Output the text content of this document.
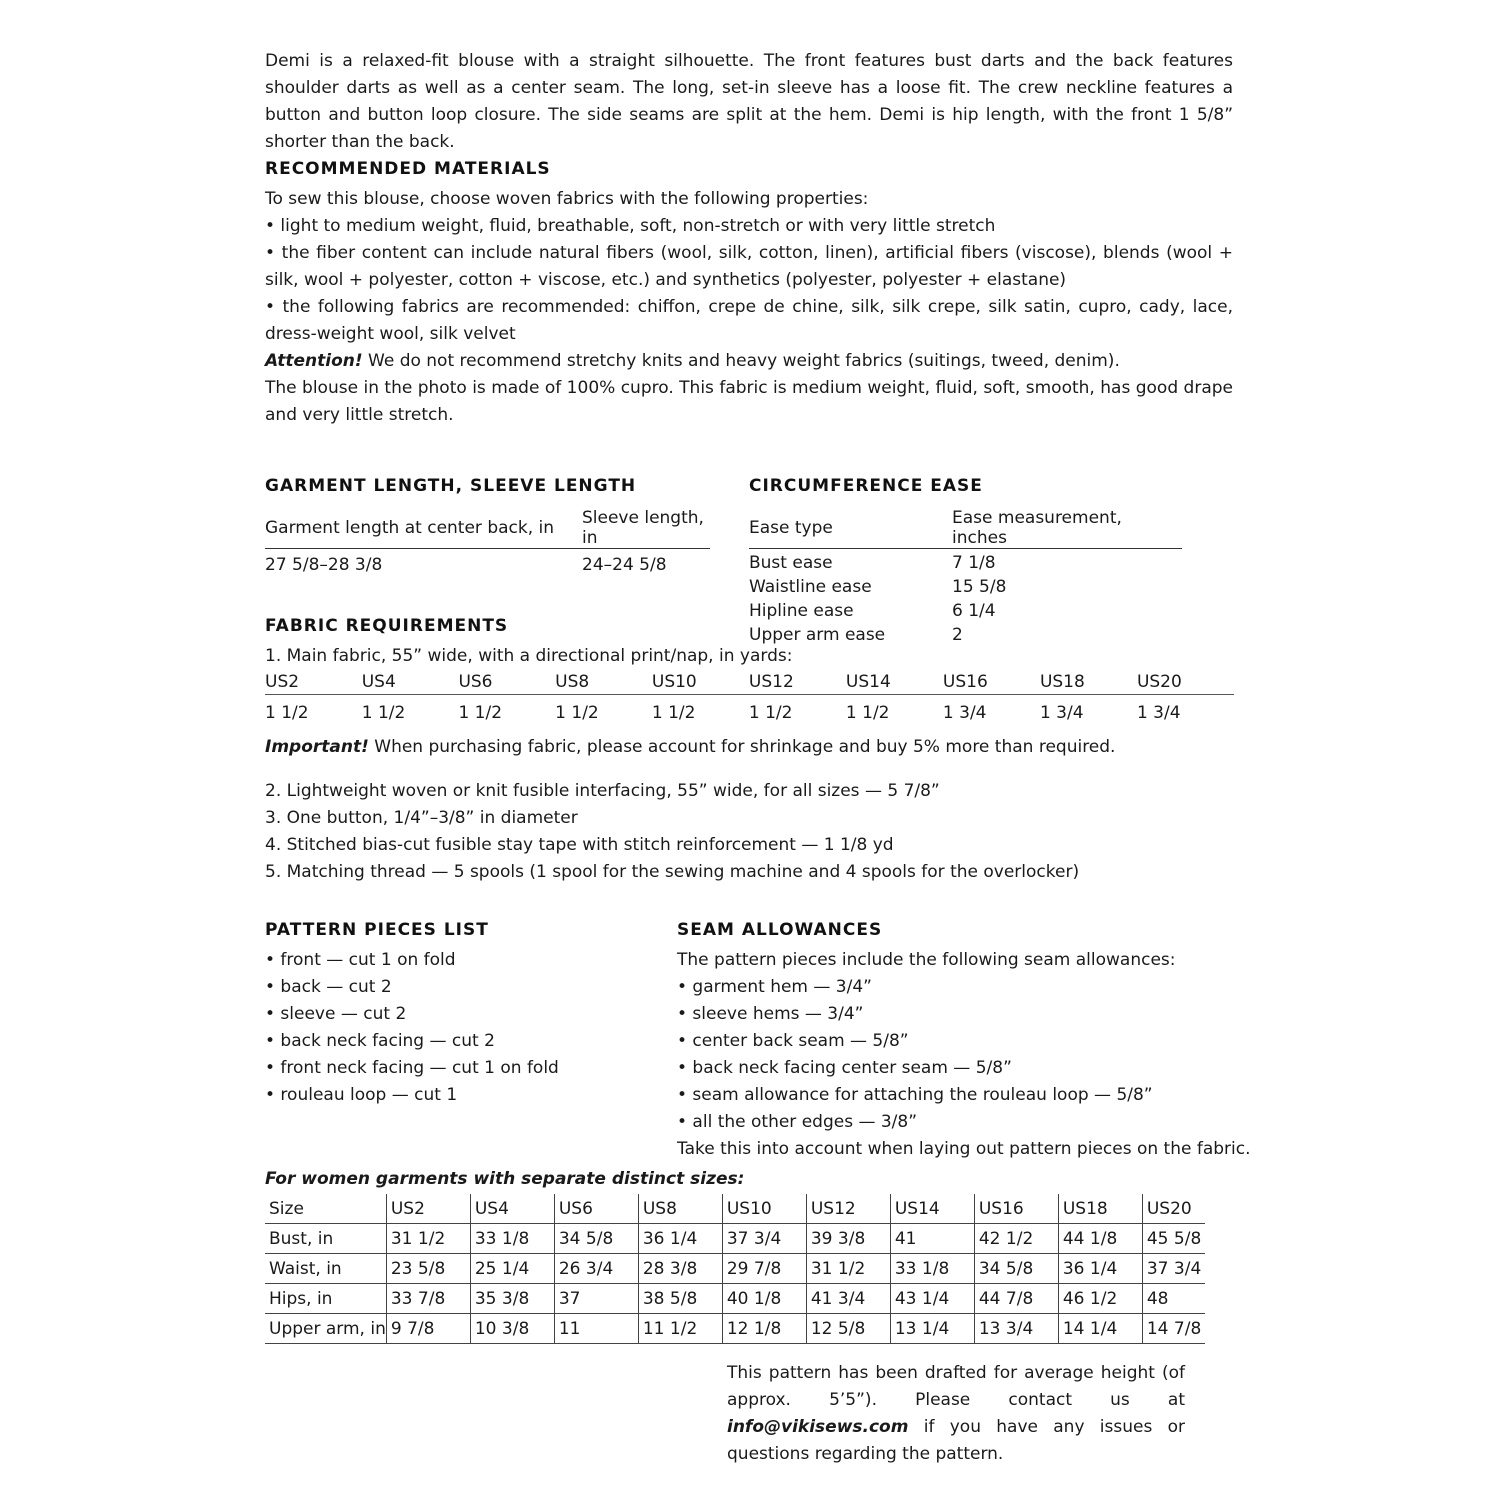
Demi is a relaxed-fit blouse with a straight silhouette. The front features bust darts and the back features shoulder darts as well as a center seam. The long, set-in sleeve has a loose fit. The crew neckline features a button and button loop closure. The side seams are split at the hem. Demi is hip length, with the front 1 5/8” shorter than the back.

RECOMMENDED MATERIALS

To sew this blouse, choose woven fabrics with the following properties:

• light to medium weight, fluid, breathable, soft, non-stretch or with very little stretch

• the fiber content can include natural fibers (wool, silk, cotton, linen), artificial fibers (viscose), blends (wool + silk, wool + polyester, cotton + viscose, etc.) and synthetics (polyester, polyester + elastane)

• the following fabrics are recommended: chiffon, crepe de chine, silk, silk crepe, silk satin, cupro, cady, lace, dress-weight wool, silk velvet

Attention! We do not recommend stretchy knits and heavy weight fabrics (suitings, tweed, denim).

The blouse in the photo is made of 100% cupro. This fabric is medium weight, fluid, soft, smooth, has good drape and very little stretch.

GARMENT LENGTH, SLEEVE LENGTH

Garment length at center back, in	Sleeve length, in
27 5/8–28 3/8	24–24 5/8

CIRCUMFERENCE EASE

Ease type	Ease measurement, inches
Bust ease	7 1/8
Waistline ease	15 5/8
Hipline ease	6 1/4
Upper arm ease	2

FABRIC REQUIREMENTS

1. Main fabric, 55” wide, with a directional print/nap, in yards:

US2	US4	US6	US8	US10	US12	US14	US16	US18	US20
1 1/2	1 1/2	1 1/2	1 1/2	1 1/2	1 1/2	1 1/2	1 3/4	1 3/4	1 3/4

Important! When purchasing fabric, please account for shrinkage and buy 5% more than required.

2. Lightweight woven or knit fusible interfacing, 55” wide, for all sizes — 5 7/8”

3. One button, 1/4”–3/8” in diameter

4. Stitched bias-cut fusible stay tape with stitch reinforcement — 1 1/8 yd

5. Matching thread — 5 spools (1 spool for the sewing machine and 4 spools for the overlocker)

PATTERN PIECES LIST

• front — cut 1 on fold

• back — cut 2

• sleeve — cut 2

• back neck facing — cut 2

• front neck facing — cut 1 on fold

• rouleau loop — cut 1

SEAM ALLOWANCES

The pattern pieces include the following seam allowances:

• garment hem — 3/4”

• sleeve hems — 3/4”

• center back seam — 5/8”

• back neck facing center seam — 5/8”

• seam allowance for attaching the rouleau loop — 5/8”

• all the other edges — 3/8”

Take this into account when laying out pattern pieces on the fabric.

For women garments with separate distinct sizes:

Size	US2	US4	US6	US8	US10	US12	US14	US16	US18	US20
Bust, in	31 1/2	33 1/8	34 5/8	36 1/4	37 3/4	39 3/8	41	42 1/2	44 1/8	45 5/8
Waist, in	23 5/8	25 1/4	26 3/4	28 3/8	29 7/8	31 1/2	33 1/8	34 5/8	36 1/4	37 3/4
Hips, in	33 7/8	35 3/8	37	38 5/8	40 1/8	41 3/4	43 1/4	44 7/8	46 1/2	48
Upper arm, in	9 7/8	10 3/8	11	11 1/2	12 1/8	12 5/8	13 1/4	13 3/4	14 1/4	14 7/8

This pattern has been drafted for average height (of approx. 5’5”). Please contact us at info@vikisews.com if you have any issues or questions regarding the pattern.
